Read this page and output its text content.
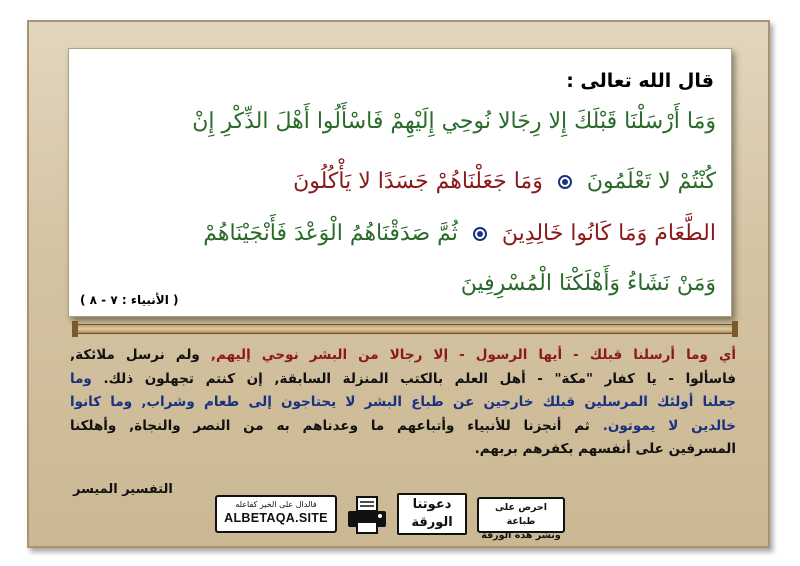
قال الله تعالى :
وَمَا أَرْسَلْنَا قَبْلَكَ إِلا رِجَالا نُوحِي إِلَيْهِمْ فَاسْأَلُوا أَهْلَ الذِّكْرِ إِنْ
كُنْتُمْ لا تَعْلَمُونَ  وَمَا جَعَلْنَاهُمْ جَسَدًا لا يَأْكُلُونَ
الطَّعَامَ وَمَا كَانُوا خَالِدِينَ  ثُمَّ صَدَقْنَاهُمُ الْوَعْدَ فَأَنْجَيْنَاهُمْ
وَمَنْ نَشَاءُ وَأَهْلَكْنَا الْمُسْرِفِينَ
( الأنبياء : ٧ - ٨ )
أي وما أرسلنا قبلك - أيها الرسول - إلا رجالا من البشر نوحي إليهم, ولم نرسل ملائكة,
فاسألوا - يا كفار "مكة" - أهل العلم بالكتب المنزلة السابقة, إن كنتم تجهلون ذلك. وما
جعلنا أولئك المرسلين قبلك خارجين عن طباع البشر لا يحتاجون إلى طعام وشراب, وما كانوا
خالدين لا يموتون. ثم أنجزنا للأنبياء وأتباعهم ما وعدناهم به من النصر والنجاة, وأهلكنا
المسرفين على أنفسهم بكفرهم بربهم.
التفسير الميسر
فالدال على الخير كفاعله
ALBETAQA.SITE
دعوتنا
الورقة
احرص على طباعة
ونشر هذه الورقة
